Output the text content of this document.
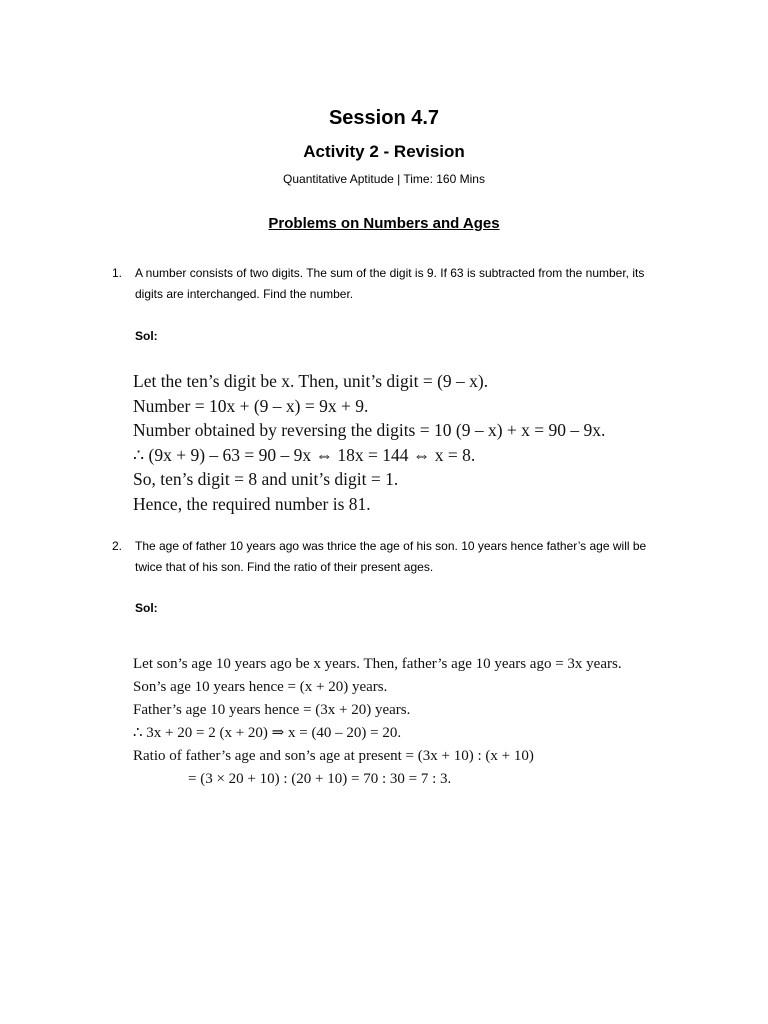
Session 4.7
Activity 2 - Revision
Quantitative Aptitude | Time: 160 Mins
Problems on Numbers and Ages
1. A number consists of two digits. The sum of the digit is 9. If 63 is subtracted from the number, its digits are interchanged. Find the number.
Sol:
Let the ten’s digit be x. Then, unit’s digit = (9 – x).
Number = 10x + (9 – x) = 9x + 9.
Number obtained by reversing the digits = 10 (9 – x) + x = 90 – 9x.
∴ (9x + 9) – 63 = 90 – 9x ⇔ 18x = 144 ⇔ x = 8.
So, ten’s digit = 8 and unit’s digit = 1.
Hence, the required number is 81.
2. The age of father 10 years ago was thrice the age of his son. 10 years hence father’s age will be twice that of his son. Find the ratio of their present ages.
Sol:
Let son’s age 10 years ago be x years. Then, father’s age 10 years ago = 3x years.
Son’s age 10 years hence = (x + 20) years.
Father’s age 10 years hence = (3x + 20) years.
∴ 3x + 20 = 2 (x + 20) ⇒ x = (40 – 20) = 20.
Ratio of father’s age and son’s age at present = (3x + 10) : (x + 10)
= (3 × 20 + 10) : (20 + 10) = 70 : 30 = 7 : 3.
